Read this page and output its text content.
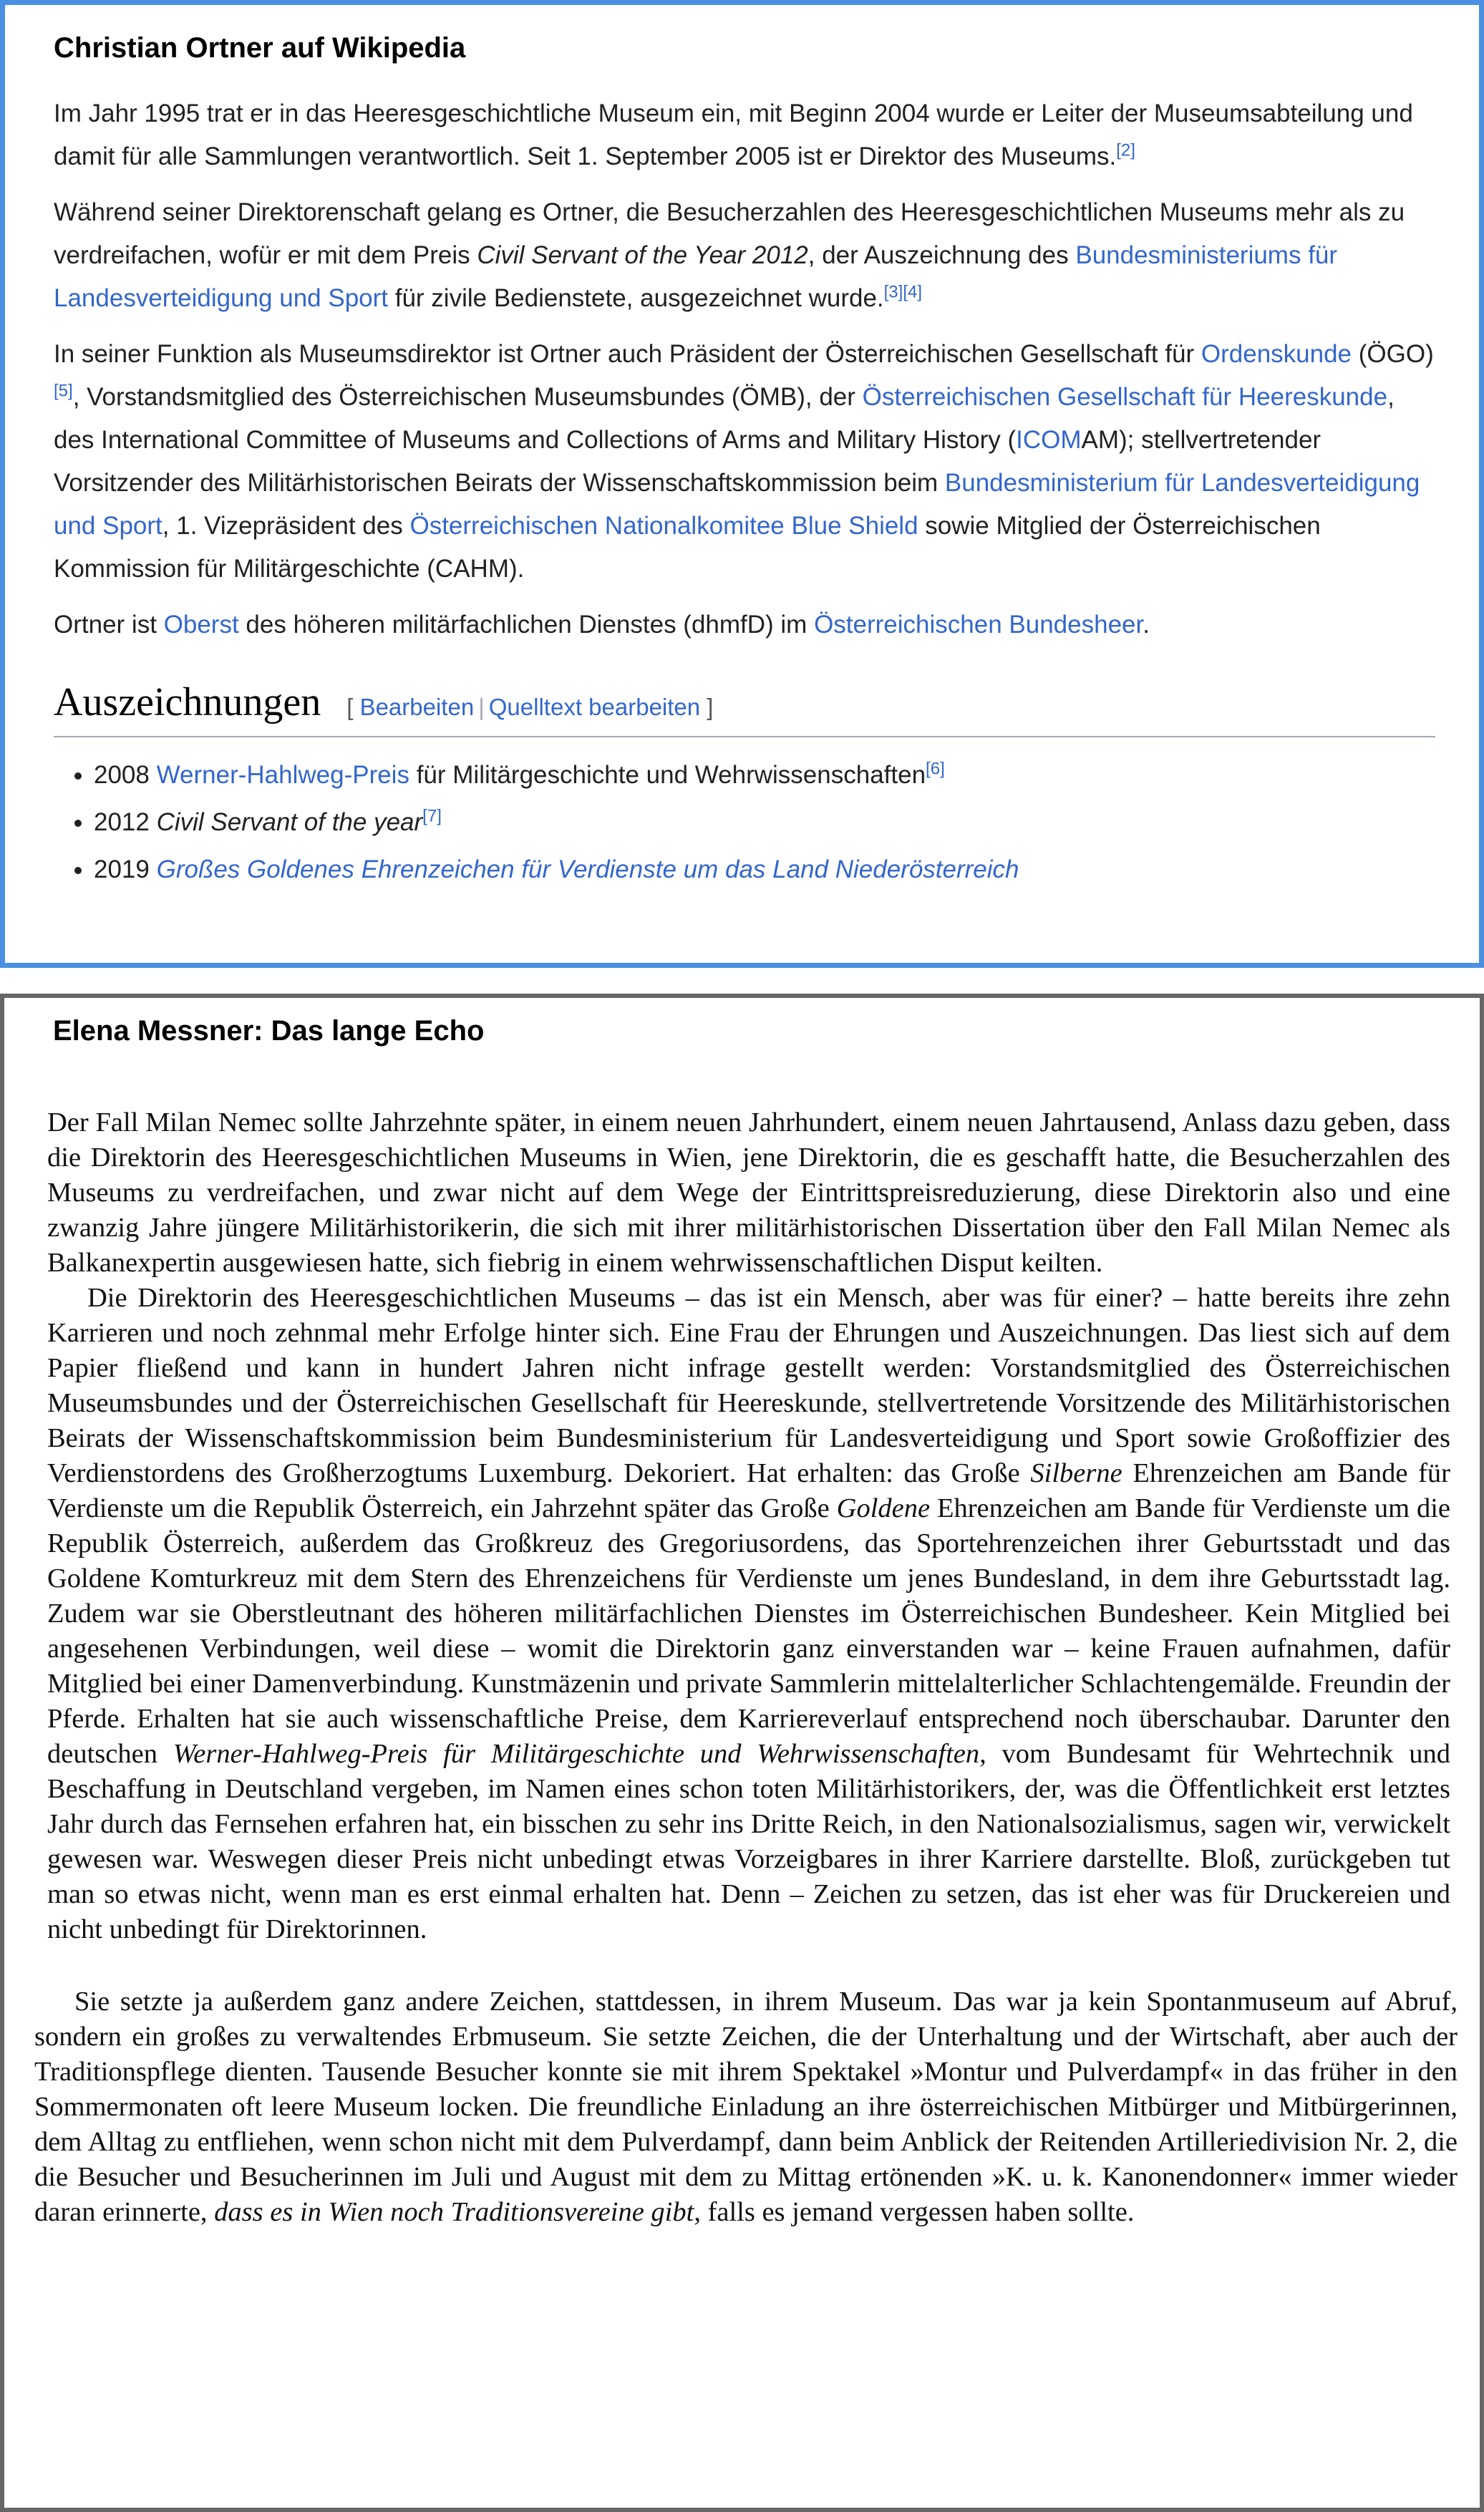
Christian Ortner auf Wikipedia

Im Jahr 1995 trat er in das Heeresgeschichtliche Museum ein, mit Beginn 2004 wurde er Leiter der Museumsabteilung und damit für alle Sammlungen verantwortlich. Seit 1. September 2005 ist er Direktor des Museums.[2]

Während seiner Direktorenschaft gelang es Ortner, die Besucherzahlen des Heeresgeschichtlichen Museums mehr als zu verdreifachen, wofür er mit dem Preis Civil Servant of the Year 2012, der Auszeichnung des Bundesministeriums für Landesverteidigung und Sport für zivile Bedienstete, ausgezeichnet wurde.[3][4]

In seiner Funktion als Museumsdirektor ist Ortner auch Präsident der Österreichischen Gesellschaft für Ordenskunde (ÖGO)[5], Vorstandsmitglied des Österreichischen Museumsbundes (ÖMB), der Österreichischen Gesellschaft für Heereskunde, des International Committee of Museums and Collections of Arms and Military History (ICOMAM); stellvertretender Vorsitzender des Militärhistorischen Beirats der Wissenschaftskommission beim Bundesministerium für Landesverteidigung und Sport, 1. Vizepräsident des Österreichischen Nationalkomitee Blue Shield sowie Mitglied der Österreichischen Kommission für Militärgeschichte (CAHM).

Ortner ist Oberst des höheren militärfachlichen Dienstes (dhmfD) im Österreichischen Bundesheer.

Auszeichnungen [ Bearbeiten | Quelltext bearbeiten ]
• 2008 Werner-Hahlweg-Preis für Militärgeschichte und Wehrwissenschaften[6]
• 2012 Civil Servant of the year[7]
• 2019 Großes Goldenes Ehrenzeichen für Verdienste um das Land Niederösterreich
Elena Messner: Das lange Echo

Der Fall Milan Nemec sollte Jahrzehnte später, in einem neuen Jahrhundert, einem neuen Jahrtausend, Anlass dazu geben, dass die Direktorin des Heeresgeschichtlichen Museums in Wien, jene Direktorin, die es geschafft hatte, die Besucherzahlen des Museums zu verdreifachen, und zwar nicht auf dem Wege der Eintrittspreisreduzierung, diese Direktorin also und eine zwanzig Jahre jüngere Militärhistorikerin, die sich mit ihrer militärhistorischen Dissertation über den Fall Milan Nemec als Balkanexpertin ausgewiesen hatte, sich fiebrig in einem wehrwissenschaftlichen Disput keilten.

Die Direktorin des Heeresgeschichtlichen Museums – das ist ein Mensch, aber was für einer? – hatte bereits ihre zehn Karrieren und noch zehnmal mehr Erfolge hinter sich. Eine Frau der Ehrungen und Auszeichnungen. Das liest sich auf dem Papier fließend und kann in hundert Jahren nicht infrage gestellt werden: Vorstandsmitglied des Österreichischen Museumsbundes und der Österreichischen Gesellschaft für Heereskunde, stellvertretende Vorsitzende des Militärhistorischen Beirats der Wissenschaftskommission beim Bundesministerium für Landesverteidigung und Sport sowie Großoffizier des Verdienstordens des Großherzogtums Luxemburg. Dekoriert. Hat erhalten: das Große Silberne Ehrenzeichen am Bande für Verdienste um die Republik Österreich, ein Jahrzehnt später das Große Goldene Ehrenzeichen am Bande für Verdienste um die Republik Österreich, außerdem das Großkreuz des Gregoriusordens, das Sportehrenzeichen ihrer Geburtsstadt und das Goldene Komturkreuz mit dem Stern des Ehrenzeichens für Verdienste um jenes Bundesland, in dem ihre Geburtsstadt lag. Zudem war sie Oberstleutnant des höheren militärfachlichen Dienstes im Österreichischen Bundesheer. Kein Mitglied bei angesehenen Verbindungen, weil diese – womit die Direktorin ganz einverstanden war – keine Frauen aufnahmen, dafür Mitglied bei einer Damenverbindung. Kunstmäzenin und private Sammlerin mittelalterlicher Schlachtengemälde. Freundin der Pferde. Erhalten hat sie auch wissenschaftliche Preise, dem Karriereverlauf entsprechend noch überschaubar. Darunter den deutschen Werner-Hahlweg-Preis für Militärgeschichte und Wehrwissenschaften, vom Bundesamt für Wehrtechnik und Beschaffung in Deutschland vergeben, im Namen eines schon toten Militärhistorikers, der, was die Öffentlichkeit erst letztes Jahr durch das Fernsehen erfahren hat, ein bisschen zu sehr ins Dritte Reich, in den Nationalsozialismus, sagen wir, verwickelt gewesen war. Weswegen dieser Preis nicht unbedingt etwas Vorzeigbares in ihrer Karriere darstellte. Bloß, zurückgeben tut man so etwas nicht, wenn man es erst einmal erhalten hat. Denn – Zeichen zu setzen, das ist eher was für Druckereien und nicht unbedingt für Direktorinnen.

Sie setzte ja außerdem ganz andere Zeichen, stattdessen, in ihrem Museum. Das war ja kein Spontanmuseum auf Abruf, sondern ein großes zu verwaltendes Erbmuseum. Sie setzte Zeichen, die der Unterhaltung und der Wirtschaft, aber auch der Traditionspflege dienten. Tausende Besucher konnte sie mit ihrem Spektakel »Montur und Pulverdampf« in das früher in den Sommermonaten oft leere Museum locken. Die freundliche Einladung an ihre österreichischen Mitbürger und Mitbürgerinnen, dem Alltag zu entfliehen, wenn schon nicht mit dem Pulverdampf, dann beim Anblick der Reitenden Artilleriedivision Nr. 2, die die Besucher und Besucherinnen im Juli und August mit dem zu Mittag ertönenden »K. u. k. Kanonendonner« immer wieder daran erinnerte, dass es in Wien noch Traditionsvereine gibt, falls es jemand vergessen haben sollte.
